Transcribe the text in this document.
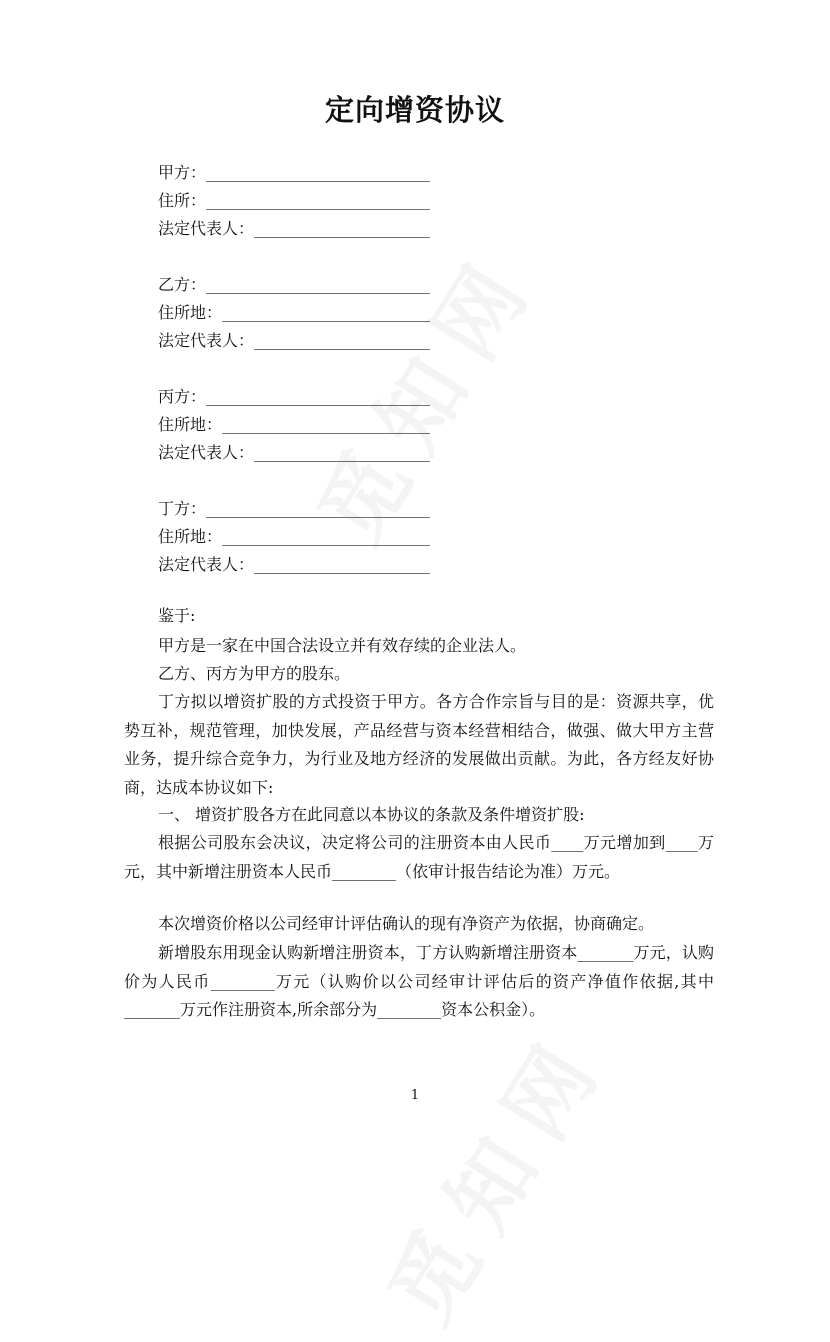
定向增资协议
甲方：____________________________
住所：____________________________
法定代表人：______________________
乙方：____________________________
住所地：__________________________
法定代表人：______________________
丙方：____________________________
住所地：__________________________
法定代表人：______________________
丁方：____________________________
住所地：__________________________
法定代表人：______________________
鉴于:

甲方是一家在中国合法设立并有效存续的企业法人。

乙方、丙方为甲方的股东。

丁方拟以增资扩股的方式投资于甲方。各方合作宗旨与目的是：资源共享，优势互补，规范管理，加快发展，产品经营与资本经营相结合，做强、做大甲方主营业务，提升综合竞争力，为行业及地方经济的发展做出贡献。为此，各方经友好协商，达成本协议如下:

一、 增资扩股各方在此同意以本协议的条款及条件增资扩股:

根据公司股东会决议，决定将公司的注册资本由人民币____万元增加到____万元，其中新增注册资本人民币________（依审计报告结论为准）万元。

本次增资价格以公司经审计评估确认的现有净资产为依据，协商确定。

新增股东用现金认购新增注册资本，丁方认购新增注册资本_______万元，认购价为人民币________万元（认购价以公司经审计评估后的资产净值作依据,其中_______万元作注册资本,所余部分为________资本公积金）。

1
